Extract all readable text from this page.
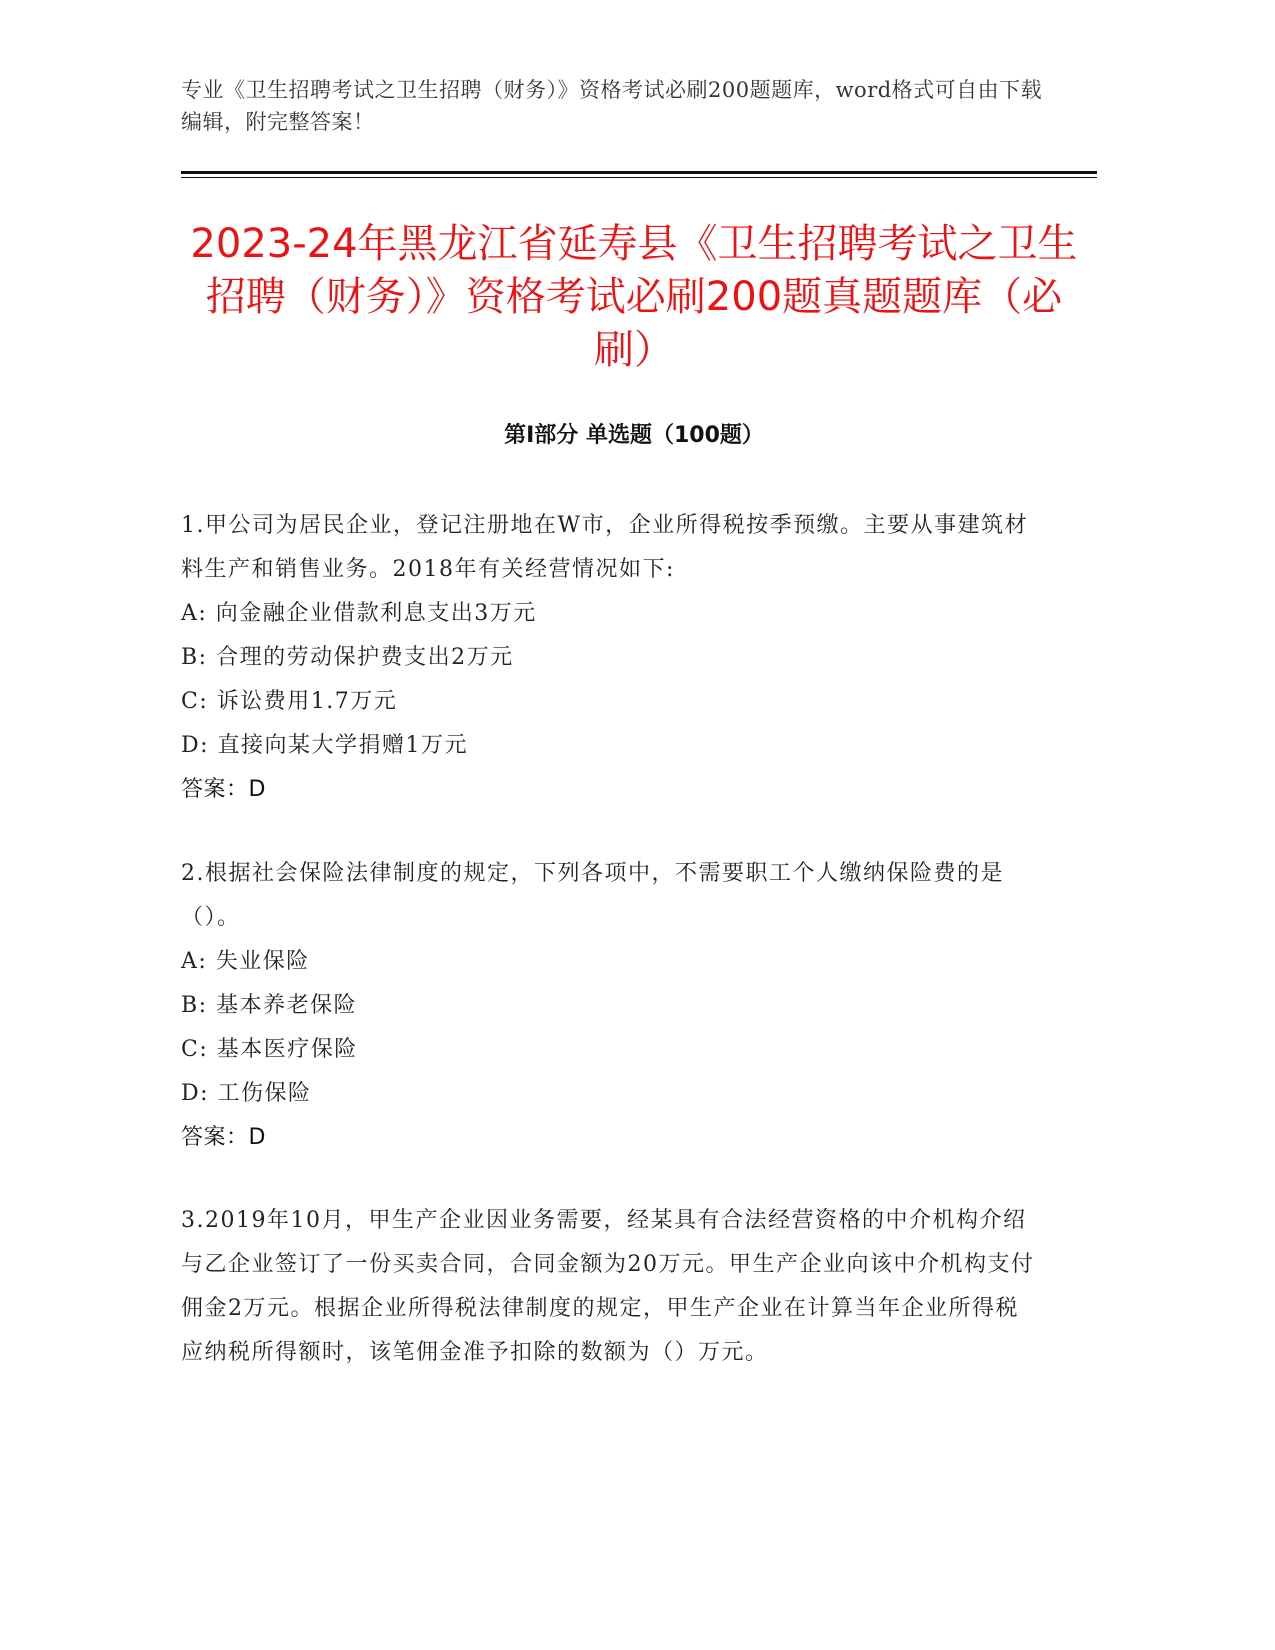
专业《卫生招聘考试之卫生招聘（财务）》资格考试必刷200题题库，word格式可自由下载编辑，附完整答案！
2023-24年黑龙江省延寿县《卫生招聘考试之卫生招聘（财务）》资格考试必刷200题真题题库（必刷）
第Ⅰ部分 单选题（100题）
1.甲公司为居民企业，登记注册地在W市，企业所得税按季预缴。主要从事建筑材料生产和销售业务。2018年有关经营情况如下:
A: 向金融企业借款利息支出3万元
B: 合理的劳动保护费支出2万元
C: 诉讼费用1.7万元
D: 直接向某大学捐赠1万元
答案：D
2.根据社会保险法律制度的规定，下列各项中，不需要职工个人缴纳保险费的是（）。
A: 失业保险
B: 基本养老保险
C: 基本医疗保险
D: 工伤保险
答案：D
3.2019年10月，甲生产企业因业务需要，经某具有合法经营资格的中介机构介绍与乙企业签订了一份买卖合同，合同金额为20万元。甲生产企业向该中介机构支付佣金2万元。根据企业所得税法律制度的规定，甲生产企业在计算当年企业所得税应纳税所得额时，该笔佣金准予扣除的数额为（）万元。
